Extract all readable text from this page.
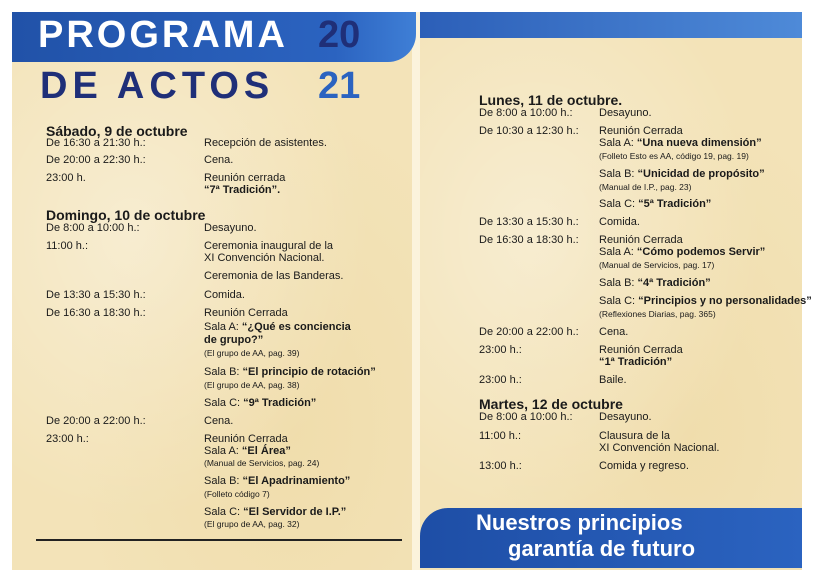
PROGRAMA 20
DE ACTOS 21
Sábado, 9 de octubre
De 16:30 a 21:30 h.:	Recepción de asistentes.
De 20:00 a 22:30 h.:	Cena.
23:00 h.	Reunión cerrada
“7ª Tradición”.
Domingo, 10 de octubre
De 8:00 a 10:00 h.:	Desayuno.
11:00 h.:	Ceremonia inaugural de la
XI Convención Nacional.
Ceremonia de las Banderas.
De 13:30 a 15:30 h.:	Comida.
De 16:30 a 18:30 h.:	Reunión Cerrada
Sala A: “¿Qué es conciencia
de grupo?”
(El grupo de AA, pag. 39)
Sala B: “El principio de rotación”
(El grupo de AA, pag. 38)
Sala C: “9ª Tradición”
De 20:00 a 22:00 h.:	Cena.
23:00 h.:	Reunión Cerrada
Sala A: “El Área”
(Manual de Servicios, pag. 24)
Sala B: “El Apadrinamiento”
(Folleto código 7)
Sala C: “El Servidor de I.P.”
(El grupo de AA, pag. 32)
Lunes, 11 de octubre.
De 8:00 a 10:00 h.: Desayuno.
De 10:30 a 12:30 h.: Reunión Cerrada
Sala A: “Una nueva dimensión”
(Folleto Esto es AA, código 19, pag. 19)
Sala B: “Unicidad de propósito”
(Manual de I.P., pag. 23)
Sala C: “5ª Tradición”
De 13:30 a 15:30 h.: Comida.
De 16:30 a 18:30 h.: Reunión Cerrada
Sala A: “Cómo podemos Servir”
(Manual de Servicios, pag. 17)
Sala B: “4ª Tradición”
Sala C: “Principios y no personalidades”
(Reflexiones Diarias, pag. 365)
De 20:00 a 22:00 h.: Cena.
23:00 h.:	Reunión Cerrada
“1ª Tradición”
23:00 h.:	Baile.
Martes, 12 de octubre
De 8:00 a 10:00 h.: Desayuno.
11:00 h.:	Clausura de la
XI Convención Nacional.
13:00 h.:	Comida y regreso.
Nuestros principios
garantía de futuro
